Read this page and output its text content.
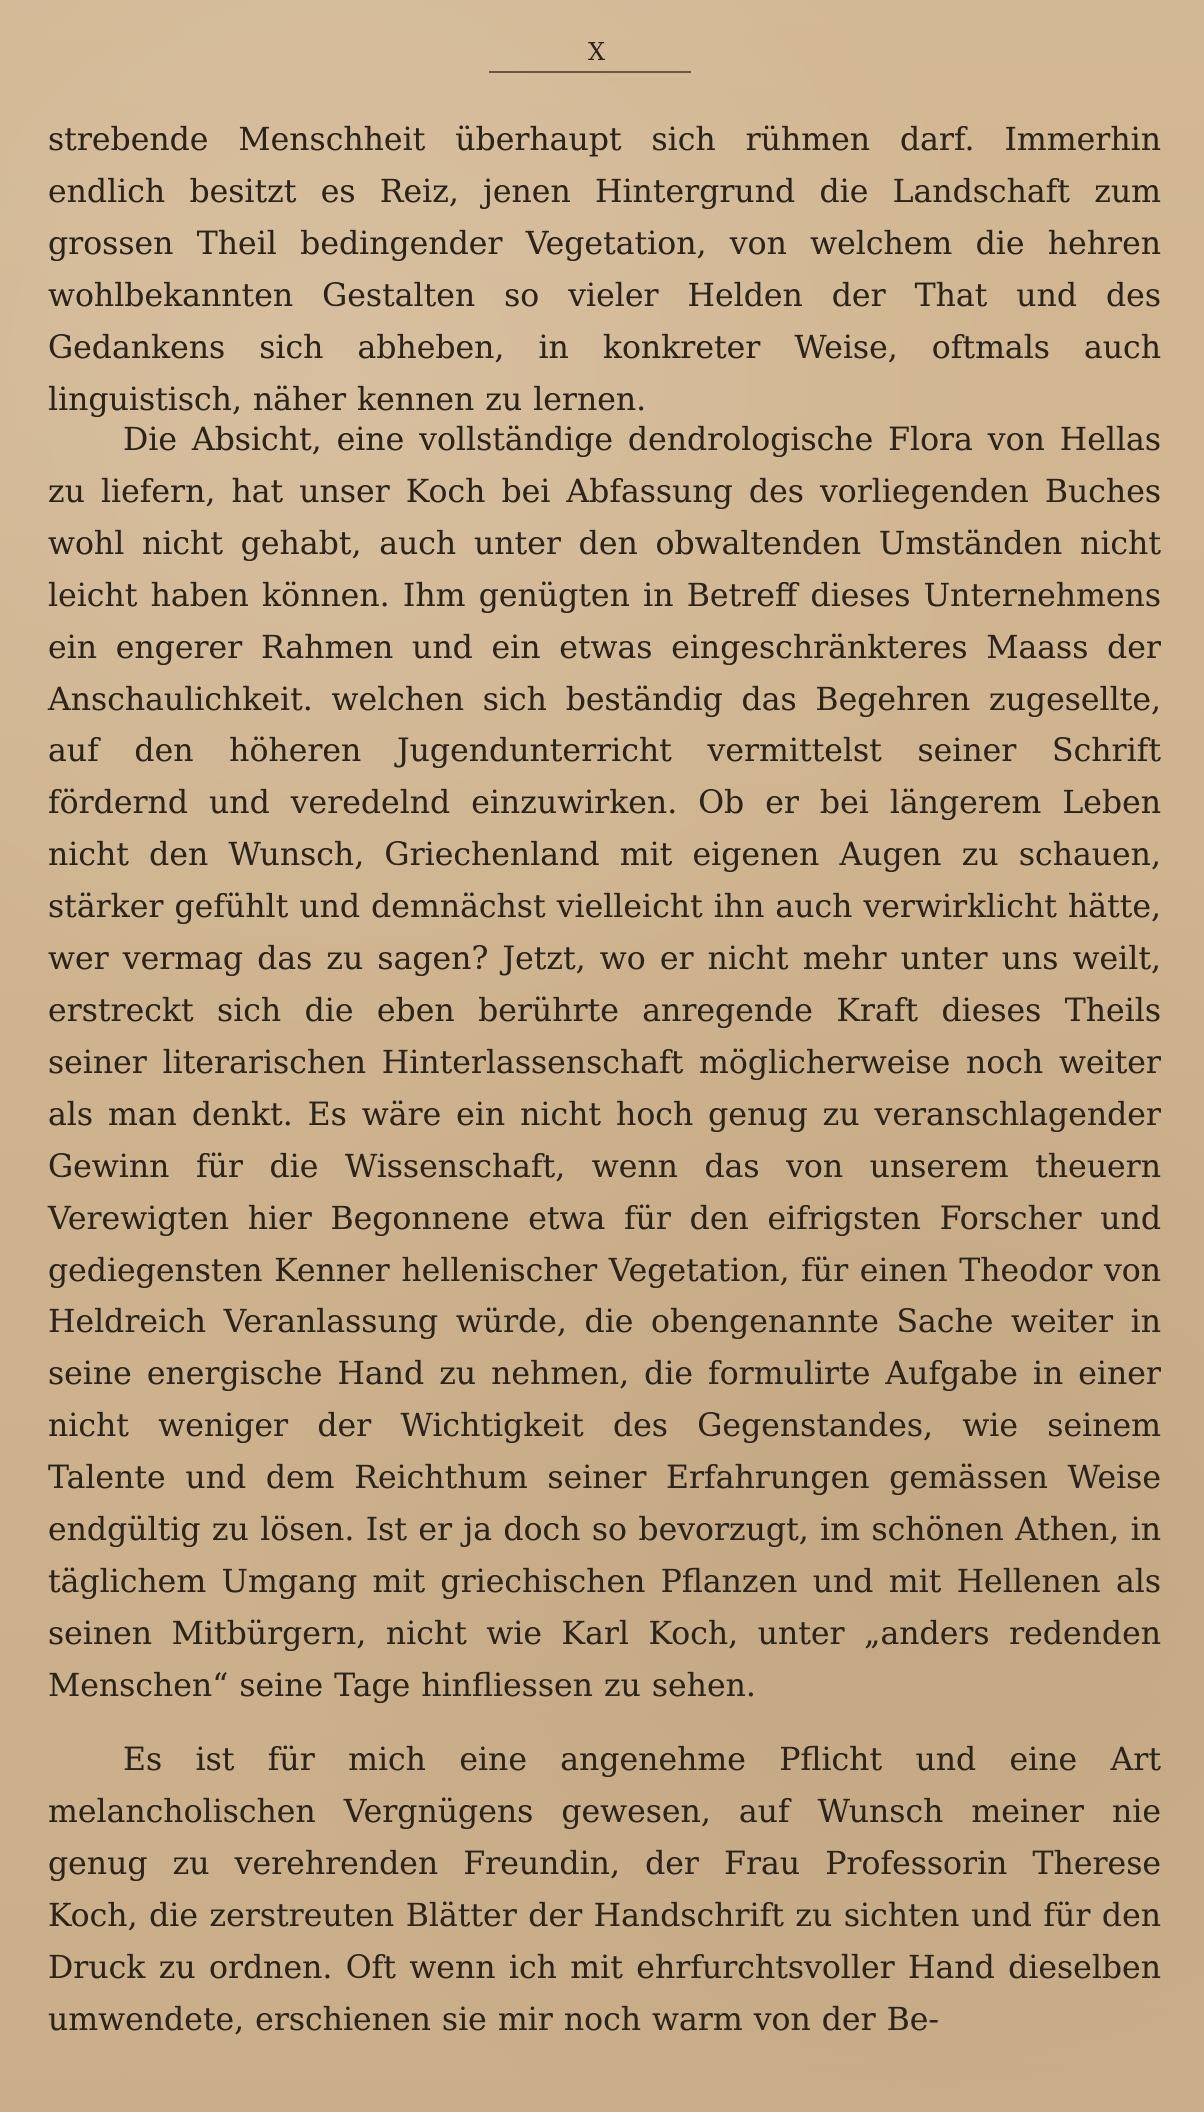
X

strebende Menschheit überhaupt sich rühmen darf. Immerhin endlich besitzt es Reiz, jenen Hintergrund die Landschaft zum grossen Theil bedingender Vegetation, von welchem die hehren wohlbekannten Gestalten so vieler Helden der That und des Gedankens sich abheben, in konkreter Weise, oftmals auch linguistisch, näher kennen zu lernen.

Die Absicht, eine vollständige dendrologische Flora von Hellas zu liefern, hat unser Koch bei Abfassung des vorliegenden Buches wohl nicht gehabt, auch unter den obwaltenden Umständen nicht leicht haben können. Ihm genügten in Betreff dieses Unternehmens ein engerer Rahmen und ein etwas eingeschränkteres Maass der Anschaulichkeit. welchen sich beständig das Begehren zugesellte, auf den höheren Jugendunterricht vermittelst seiner Schrift fördernd und veredelnd einzuwirken. Ob er bei längerem Leben nicht den Wunsch, Griechenland mit eigenen Augen zu schauen, stärker gefühlt und demnächst vielleicht ihn auch verwirklicht hätte, wer vermag das zu sagen? Jetzt, wo er nicht mehr unter uns weilt, erstreckt sich die eben berührte anregende Kraft dieses Theils seiner literarischen Hinterlassenschaft möglicherweise noch weiter als man denkt. Es wäre ein nicht hoch genug zu veranschlagender Gewinn für die Wissenschaft, wenn das von unserem theuern Verewigten hier Begonnene etwa für den eifrigsten Forscher und gediegensten Kenner hellenischer Vegetation, für einen Theodor von Heldreich Veranlassung würde, die obengenannte Sache weiter in seine energische Hand zu nehmen, die formulirte Aufgabe in einer nicht weniger der Wichtigkeit des Gegenstandes, wie seinem Talente und dem Reichthum seiner Erfahrungen gemässen Weise endgültig zu lösen. Ist er ja doch so bevorzugt, im schönen Athen, in täglichem Umgang mit griechischen Pflanzen und mit Hellenen als seinen Mitbürgern, nicht wie Karl Koch, unter „anders redenden Menschen“ seine Tage hinfliessen zu sehen.

Es ist für mich eine angenehme Pflicht und eine Art melancholischen Vergnügens gewesen, auf Wunsch meiner nie genug zu verehrenden Freundin, der Frau Professorin Therese Koch, die zerstreuten Blätter der Handschrift zu sichten und für den Druck zu ordnen. Oft wenn ich mit ehrfurchtsvoller Hand dieselben umwendete, erschienen sie mir noch warm von der Be-
